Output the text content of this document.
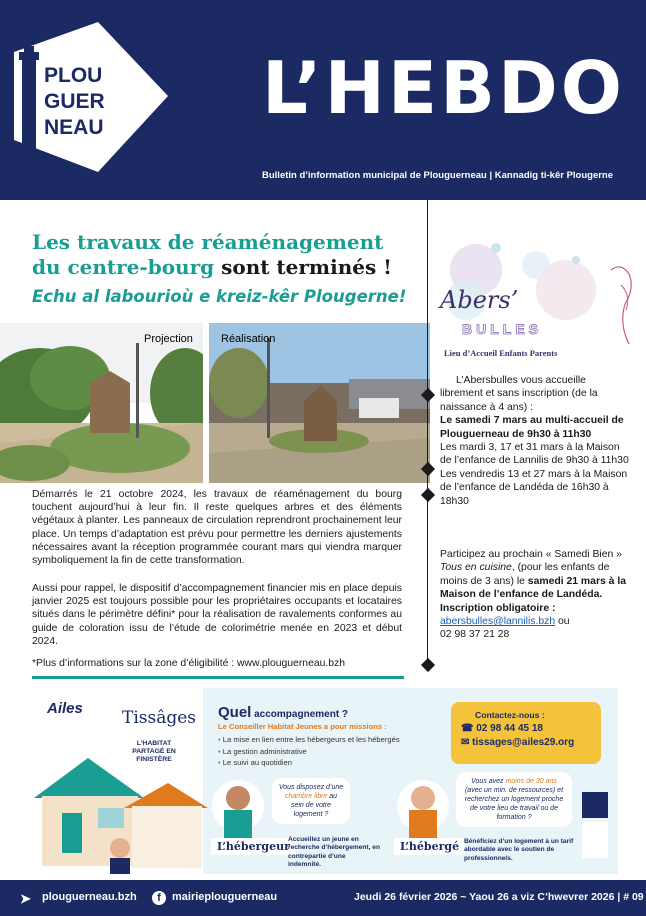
PLOU
GUER
NEAU L’HEBDO
Bulletin d’information municipal de Plouguerneau | Kannadig ti-kêr Plougerne
Les travaux de réaménagement du centre-bourg sont terminés !
Echu al labourioù e kreiz-kêr Plougerne!
Projection	Réalisation
Démarrés le 21 octobre 2024, les travaux de réaménagement du bourg touchent aujourd’hui à leur fin. Il reste quelques arbres et des éléments végétaux à planter. Les panneaux de circulation reprendront prochainement leur place. Un temps d’adaptation est prévu pour permettre les derniers ajustements nécessaires avant la réception programmée courant mars qui viendra marquer symboliquement la fin de cette transformation.
Aussi pour rappel, le dispositif d’accompagnement financier mis en place depuis janvier 2025 est toujours possible pour les propriétaires occupants et locataires situés dans le périmètre défini* pour la réalisation de ravalements conformes au guide de coloration issu de l’étude de colorimétrie menée en 2023 et début 2024.
*Plus d’informations sur la zone d’éligibilité : www.plouguerneau.bzh
Abers’
BULLES
Lieu d’Accueil Enfants Parents
L’Abersbulles vous accueille librement et sans inscription (de la naissance à 4 ans) :
Le samedi 7 mars au multi-accueil de Plouguerneau de 9h30 à 11h30
Les mardi 3, 17 et 31 mars à la Maison de l’enfance de Lannilis de 9h30 à 11h30
Les vendredis 13 et 27 mars à la Maison de l’enfance de Landéda de 16h30 à 18h30
Participez au prochain « Samedi Bien » Tous en cuisine, (pour les enfants de moins de 3 ans) le samedi 21 mars à la Maison de l’enfance de Landéda. Inscription obligatoire : abersbulles@lannilis.bzh ou
02 98 37 21 28
Ailes Tissâges
L’HABITAT PARTAGÉ EN FINISTÈRE
Quel accompagnement ?
Le Conseiller Habitat Jeunes a pour missions :
• La mise en lien entre les hébergeurs et les hébergés
• La gestion administrative
• Le suivi au quotidien
Contactez-nous :
☎ 02 98 44 45 18
✉ tissages@ailes29.org
Vous disposez d’une chambre libre au sein de votre logement ?
Vous avez moins de 30 ans (avec un min. de ressources) et recherchez un logement proche de votre lieu de travail ou de formation ?
L’hébergeur	L’hébergé
Accueillez un jeune en recherche d’hébergement, en contrepartie d’une indemnité.
Bénéficiez d’un logement à un tarif abordable avec le soutien de professionnels.
➤ plouguerneau.bzh	f	mairieplouguerneau	Jeudi 26 février 2026 ~ Yaou 26 a viz C’hwevrer 2026 | # 09
